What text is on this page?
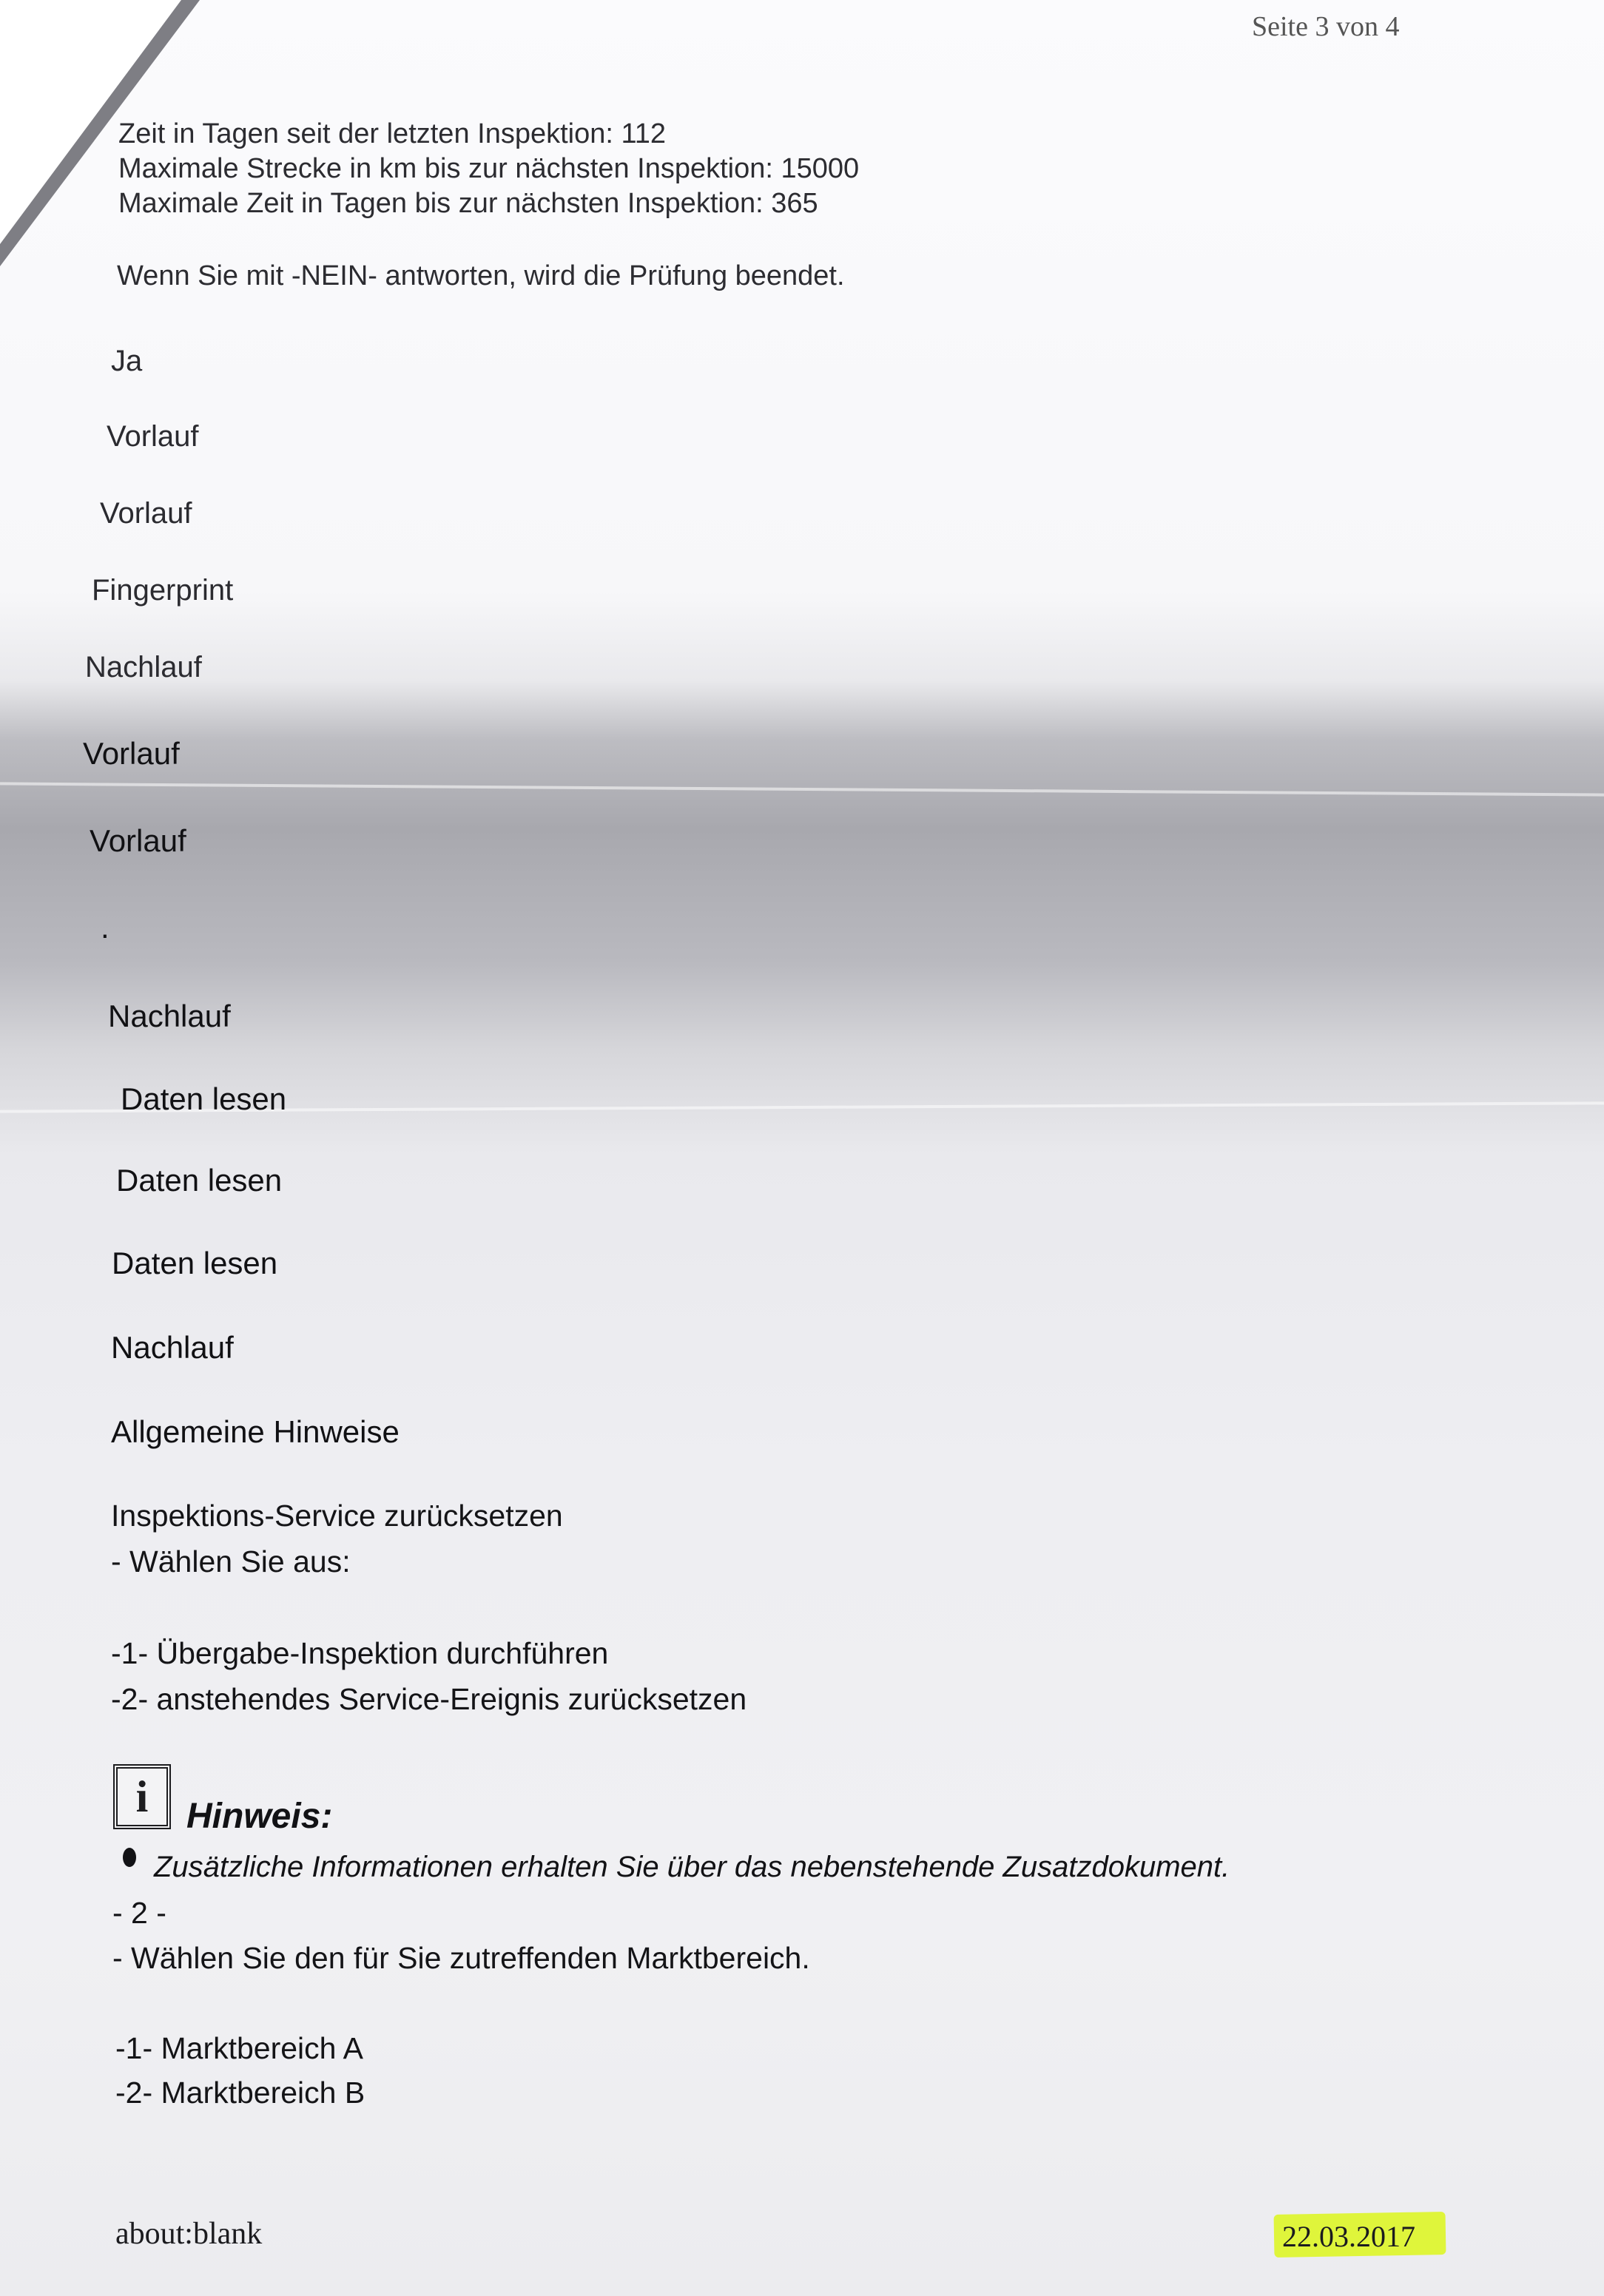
Seite 3 von 4
Zeit in Tagen seit der letzten Inspektion: 112
Maximale Strecke in km bis zur nächsten Inspektion: 15000
Maximale Zeit in Tagen bis zur nächsten Inspektion: 365
Wenn Sie mit -NEIN- antworten, wird die Prüfung beendet.
Ja
Vorlauf
Vorlauf
Fingerprint
Nachlauf
Vorlauf
Vorlauf
.
Nachlauf
Daten lesen
Daten lesen
Daten lesen
Nachlauf
Allgemeine Hinweise
Inspektions-Service zurücksetzen
- Wählen Sie aus:
-1- Übergabe-Inspektion durchführen
-2- anstehendes Service-Ereignis zurücksetzen
i	Hinweis:
Zusätzliche Informationen erhalten Sie über das nebenstehende Zusatzdokument.
- 2 -
- Wählen Sie den für Sie zutreffenden Marktbereich.
-1- Marktbereich A
-2- Marktbereich B
about:blank	22.03.2017
